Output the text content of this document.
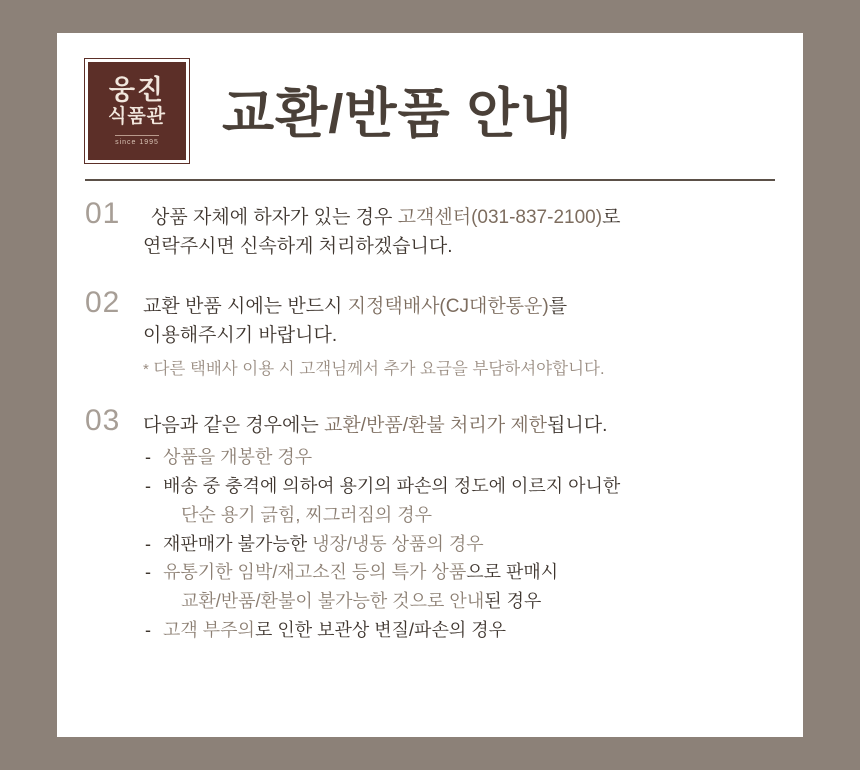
웅진
식품관
since 1995 교환/반품 안내
01	상품 자체에 하자가 있는 경우 고객센터(031-837-2100)로
연락주시면 신속하게 처리하겠습니다.
02 교환 반품 시에는 반드시 지정택배사(CJ대한통운)를
이용해주시기 바랍니다.
* 다른 택배사 이용 시 고객님께서 추가 요금을 부담하셔야합니다.
03 다음과 같은 경우에는 교환/반품/환불 처리가 제한됩니다.
- 상품을 개봉한 경우
- 배송 중 충격에 의하여 용기의 파손의 정도에 이르지 아니한
단순 용기 긁힘, 찌그러짐의 경우
- 재판매가 불가능한 냉장/냉동 상품의 경우
- 유통기한 임박/재고소진 등의 특가 상품으로 판매시
교환/반품/환불이 불가능한 것으로 안내된 경우
- 고객 부주의로 인한 보관상 변질/파손의 경우
